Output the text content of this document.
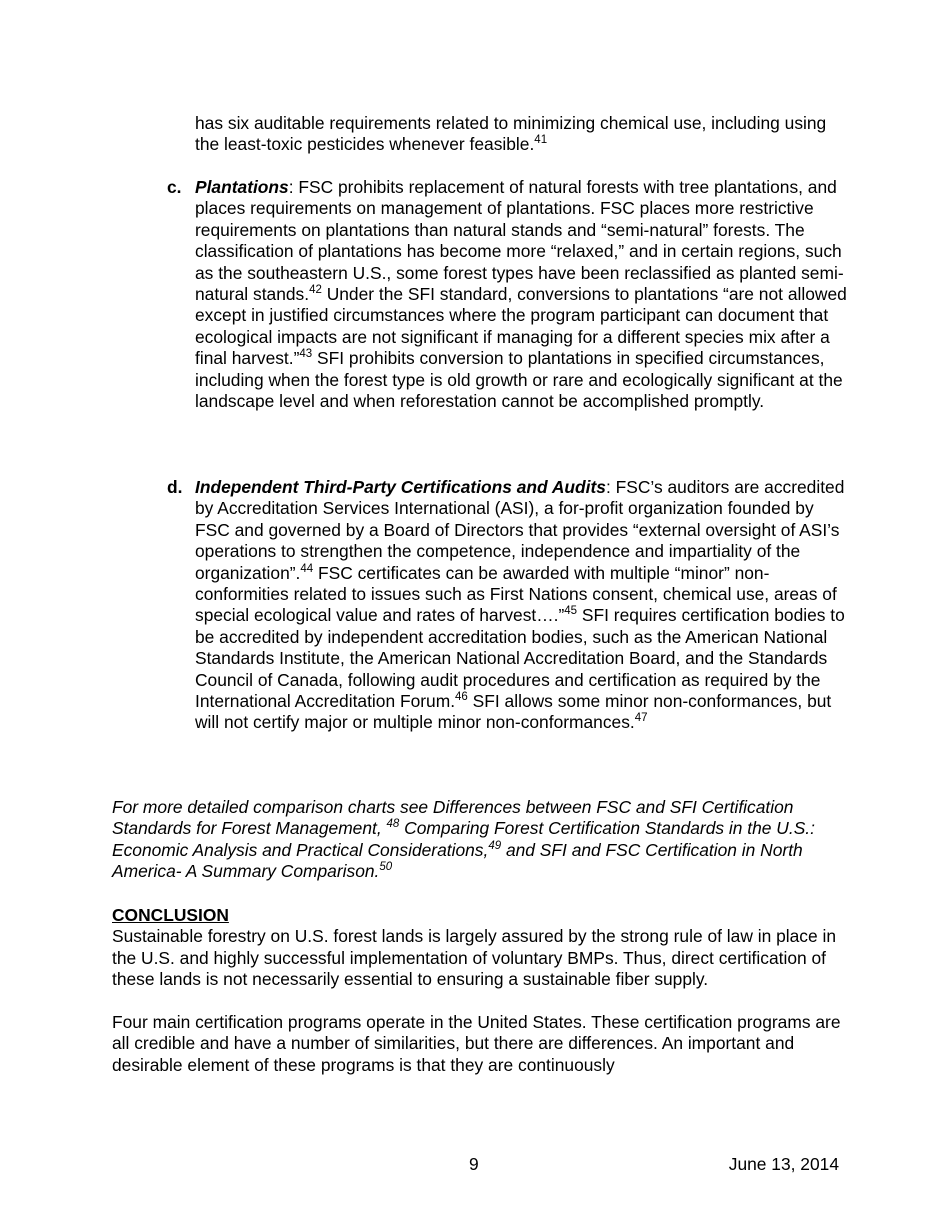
has six auditable requirements related to minimizing chemical use, including using the least-toxic pesticides whenever feasible.$^{41}$

c. Plantations: FSC prohibits replacement of natural forests with tree plantations, and places requirements on management of plantations. FSC places more restrictive requirements on plantations than natural stands and “semi-natural” forests. The classification of plantations has become more “relaxed,” and in certain regions, such as the southeastern U.S., some forest types have been reclassified as planted semi-natural stands.$^{42}$ Under the SFI standard, conversions to plantations “are not allowed except in justified circumstances where the program participant can document that ecological impacts are not significant if managing for a different species mix after a final harvest.”$^{43}$ SFI prohibits conversion to plantations in specified circumstances, including when the forest type is old growth or rare and ecologically significant at the landscape level and when reforestation cannot be accomplished promptly.

d. Independent Third-Party Certifications and Audits: FSC’s auditors are accredited by Accreditation Services International (ASI), a for-profit organization founded by FSC and governed by a Board of Directors that provides “external oversight of ASI’s operations to strengthen the competence, independence and impartiality of the organization”.$^{44}$ FSC certificates can be awarded with multiple “minor” non-conformities related to issues such as First Nations consent, chemical use, areas of special ecological value and rates of harvest….”$^{45}$ SFI requires certification bodies to be accredited by independent accreditation bodies, such as the American National Standards Institute, the American National Accreditation Board, and the Standards Council of Canada, following audit procedures and certification as required by the International Accreditation Forum.$^{46}$ SFI allows some minor non-conformances, but will not certify major or multiple minor non-conformances.$^{47}$

For more detailed comparison charts see Differences between FSC and SFI Certification Standards for Forest Management, $^{48}$ Comparing Forest Certification Standards in the U.S.: Economic Analysis and Practical Considerations,$^{49}$ and SFI and FSC Certification in North America- A Summary Comparison.$^{50}$

CONCLUSION

Sustainable forestry on U.S. forest lands is largely assured by the strong rule of law in place in the U.S. and highly successful implementation of voluntary BMPs. Thus, direct certification of these lands is not necessarily essential to ensuring a sustainable fiber supply.

Four main certification programs operate in the United States. These certification programs are all credible and have a number of similarities, but there are differences. An important and desirable element of these programs is that they are continuously

9	June 13, 2014
